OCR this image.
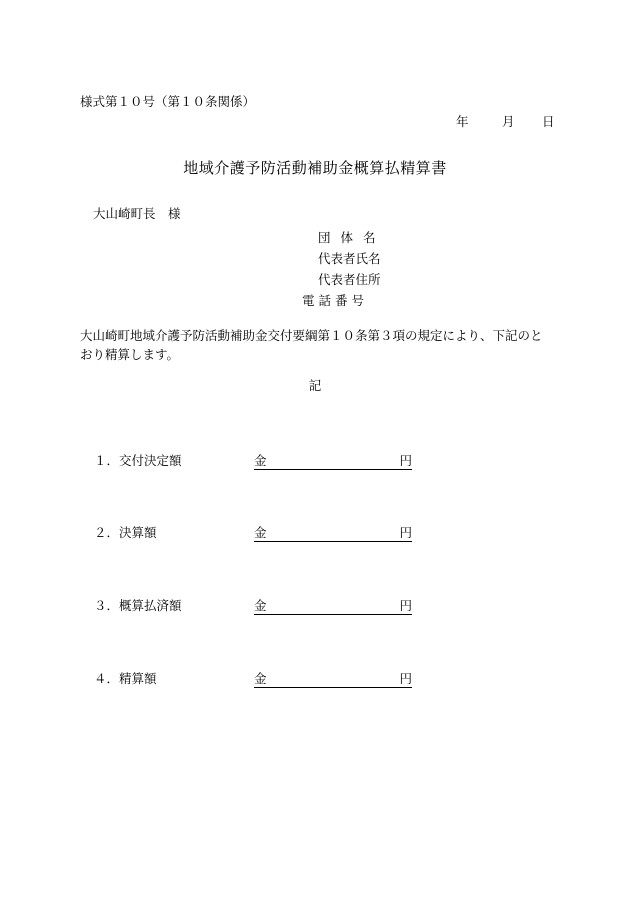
様式第１０号（第１０条関係）
年	月 日
地域介護予防活動補助金概算払精算書
大山崎町長　様
団体名
代表者氏名
代表者住所
電話番号
大山崎町地域介護予防活動補助金交付要綱第１０条第３項の規定により、下記のとおり精算します。
記
１．交付決定額	金	円
２．決算額	金	円
３．概算払済額	金	円
４．精算額	金	円
